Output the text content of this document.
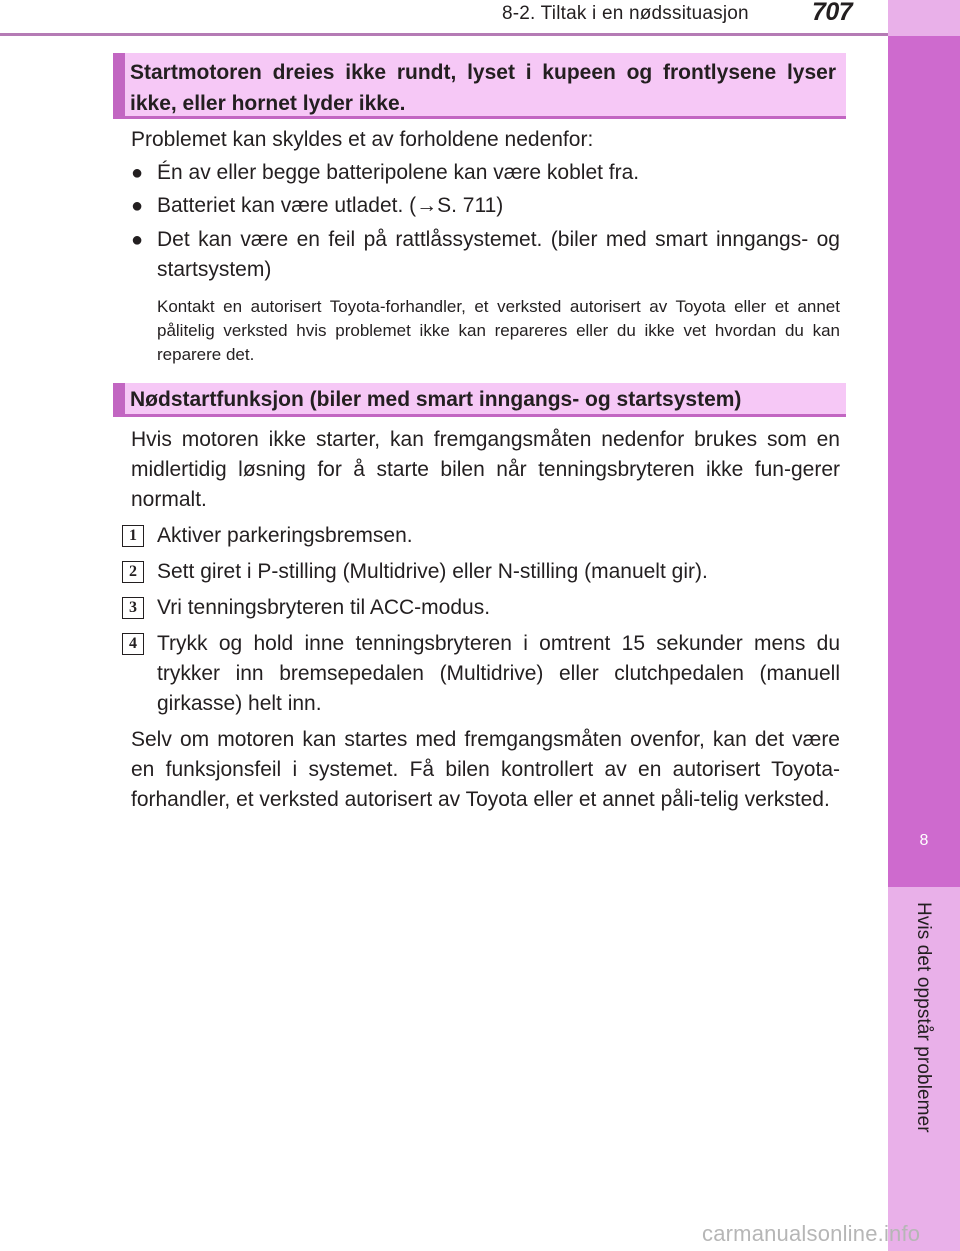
8-2. Tiltak i en nødssituasjon	707
8
Hvis det oppstår problemer
Startmotoren dreies ikke rundt, lyset i kupeen og frontlysene lyser ikke, eller hornet lyder ikke.
Problemet kan skyldes et av forholdene nedenfor:
● Én av eller begge batteripolene kan være koblet fra.
● Batteriet kan være utladet. (→S. 711)
● Det kan være en feil på rattlåssystemet. (biler med smart inngangs- og startsystem)
Kontakt en autorisert Toyota-forhandler, et verksted autorisert av Toyota eller et annet pålitelig verksted hvis problemet ikke kan repareres eller du ikke vet hvordan du kan reparere det.
Nødstartfunksjon (biler med smart inngangs- og startsystem)
Hvis motoren ikke starter, kan fremgangsmåten nedenfor brukes som en midlertidig løsning for å starte bilen når tenningsbryteren ikke fun-gerer normalt.
1 Aktiver parkeringsbremsen.
2 Sett giret i P-stilling (Multidrive) eller N-stilling (manuelt gir).
3 Vri tenningsbryteren til ACC-modus.
4 Trykk og hold inne tenningsbryteren i omtrent 15 sekunder mens du trykker inn bremsepedalen (Multidrive) eller clutchpedalen (manuell girkasse) helt inn.
Selv om motoren kan startes med fremgangsmåten ovenfor, kan det være en funksjonsfeil i systemet. Få bilen kontrollert av en autorisert Toyota-forhandler, et verksted autorisert av Toyota eller et annet påli-telig verksted.
carmanualsonline.info
